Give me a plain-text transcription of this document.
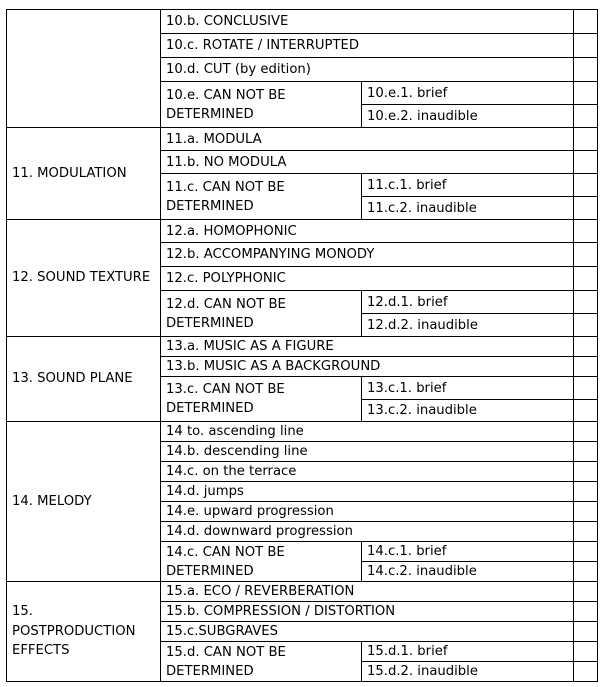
	10.b. CONCLUSIVE		
	10.c. ROTATE / INTERRUPTED		
	10.d. CUT (by edition)		
	10.e. CAN NOT BE DETERMINED	10.e.1. brief	
		10.e.2. inaudible	
11. MODULATION	11.a. MODULA		
	11.b. NO MODULA		
	11.c. CAN NOT BE DETERMINED	11.c.1. brief	
		11.c.2. inaudible	
12. SOUND TEXTURE	12.a. HOMOPHONIC		
	12.b. ACCOMPANYING MONODY		
	12.c. POLYPHONIC		
	12.d. CAN NOT BE DETERMINED	12.d.1. brief	
		12.d.2. inaudible	
13. SOUND PLANE	13.a. MUSIC AS A FIGURE		
	13.b. MUSIC AS A BACKGROUND		
	13.c. CAN NOT BE DETERMINED	13.c.1. brief	
		13.c.2. inaudible	
14. MELODY	14 to. ascending line		
	14.b. descending line		
	14.c. on the terrace		
	14.d. jumps		
	14.e. upward progression		
	14.d. downward progression		
	14.c. CAN NOT BE DETERMINED	14.c.1. brief	
		14.c.2. inaudible	
15. POSTPRODUCTION EFFECTS	15.a. ECO / REVERBERATION		
	15.b. COMPRESSION / DISTORTION		
	15.c.SUBGRAVES		
	15.d. CAN NOT BE DETERMINED	15.d.1. brief	
		15.d.2. inaudible	
